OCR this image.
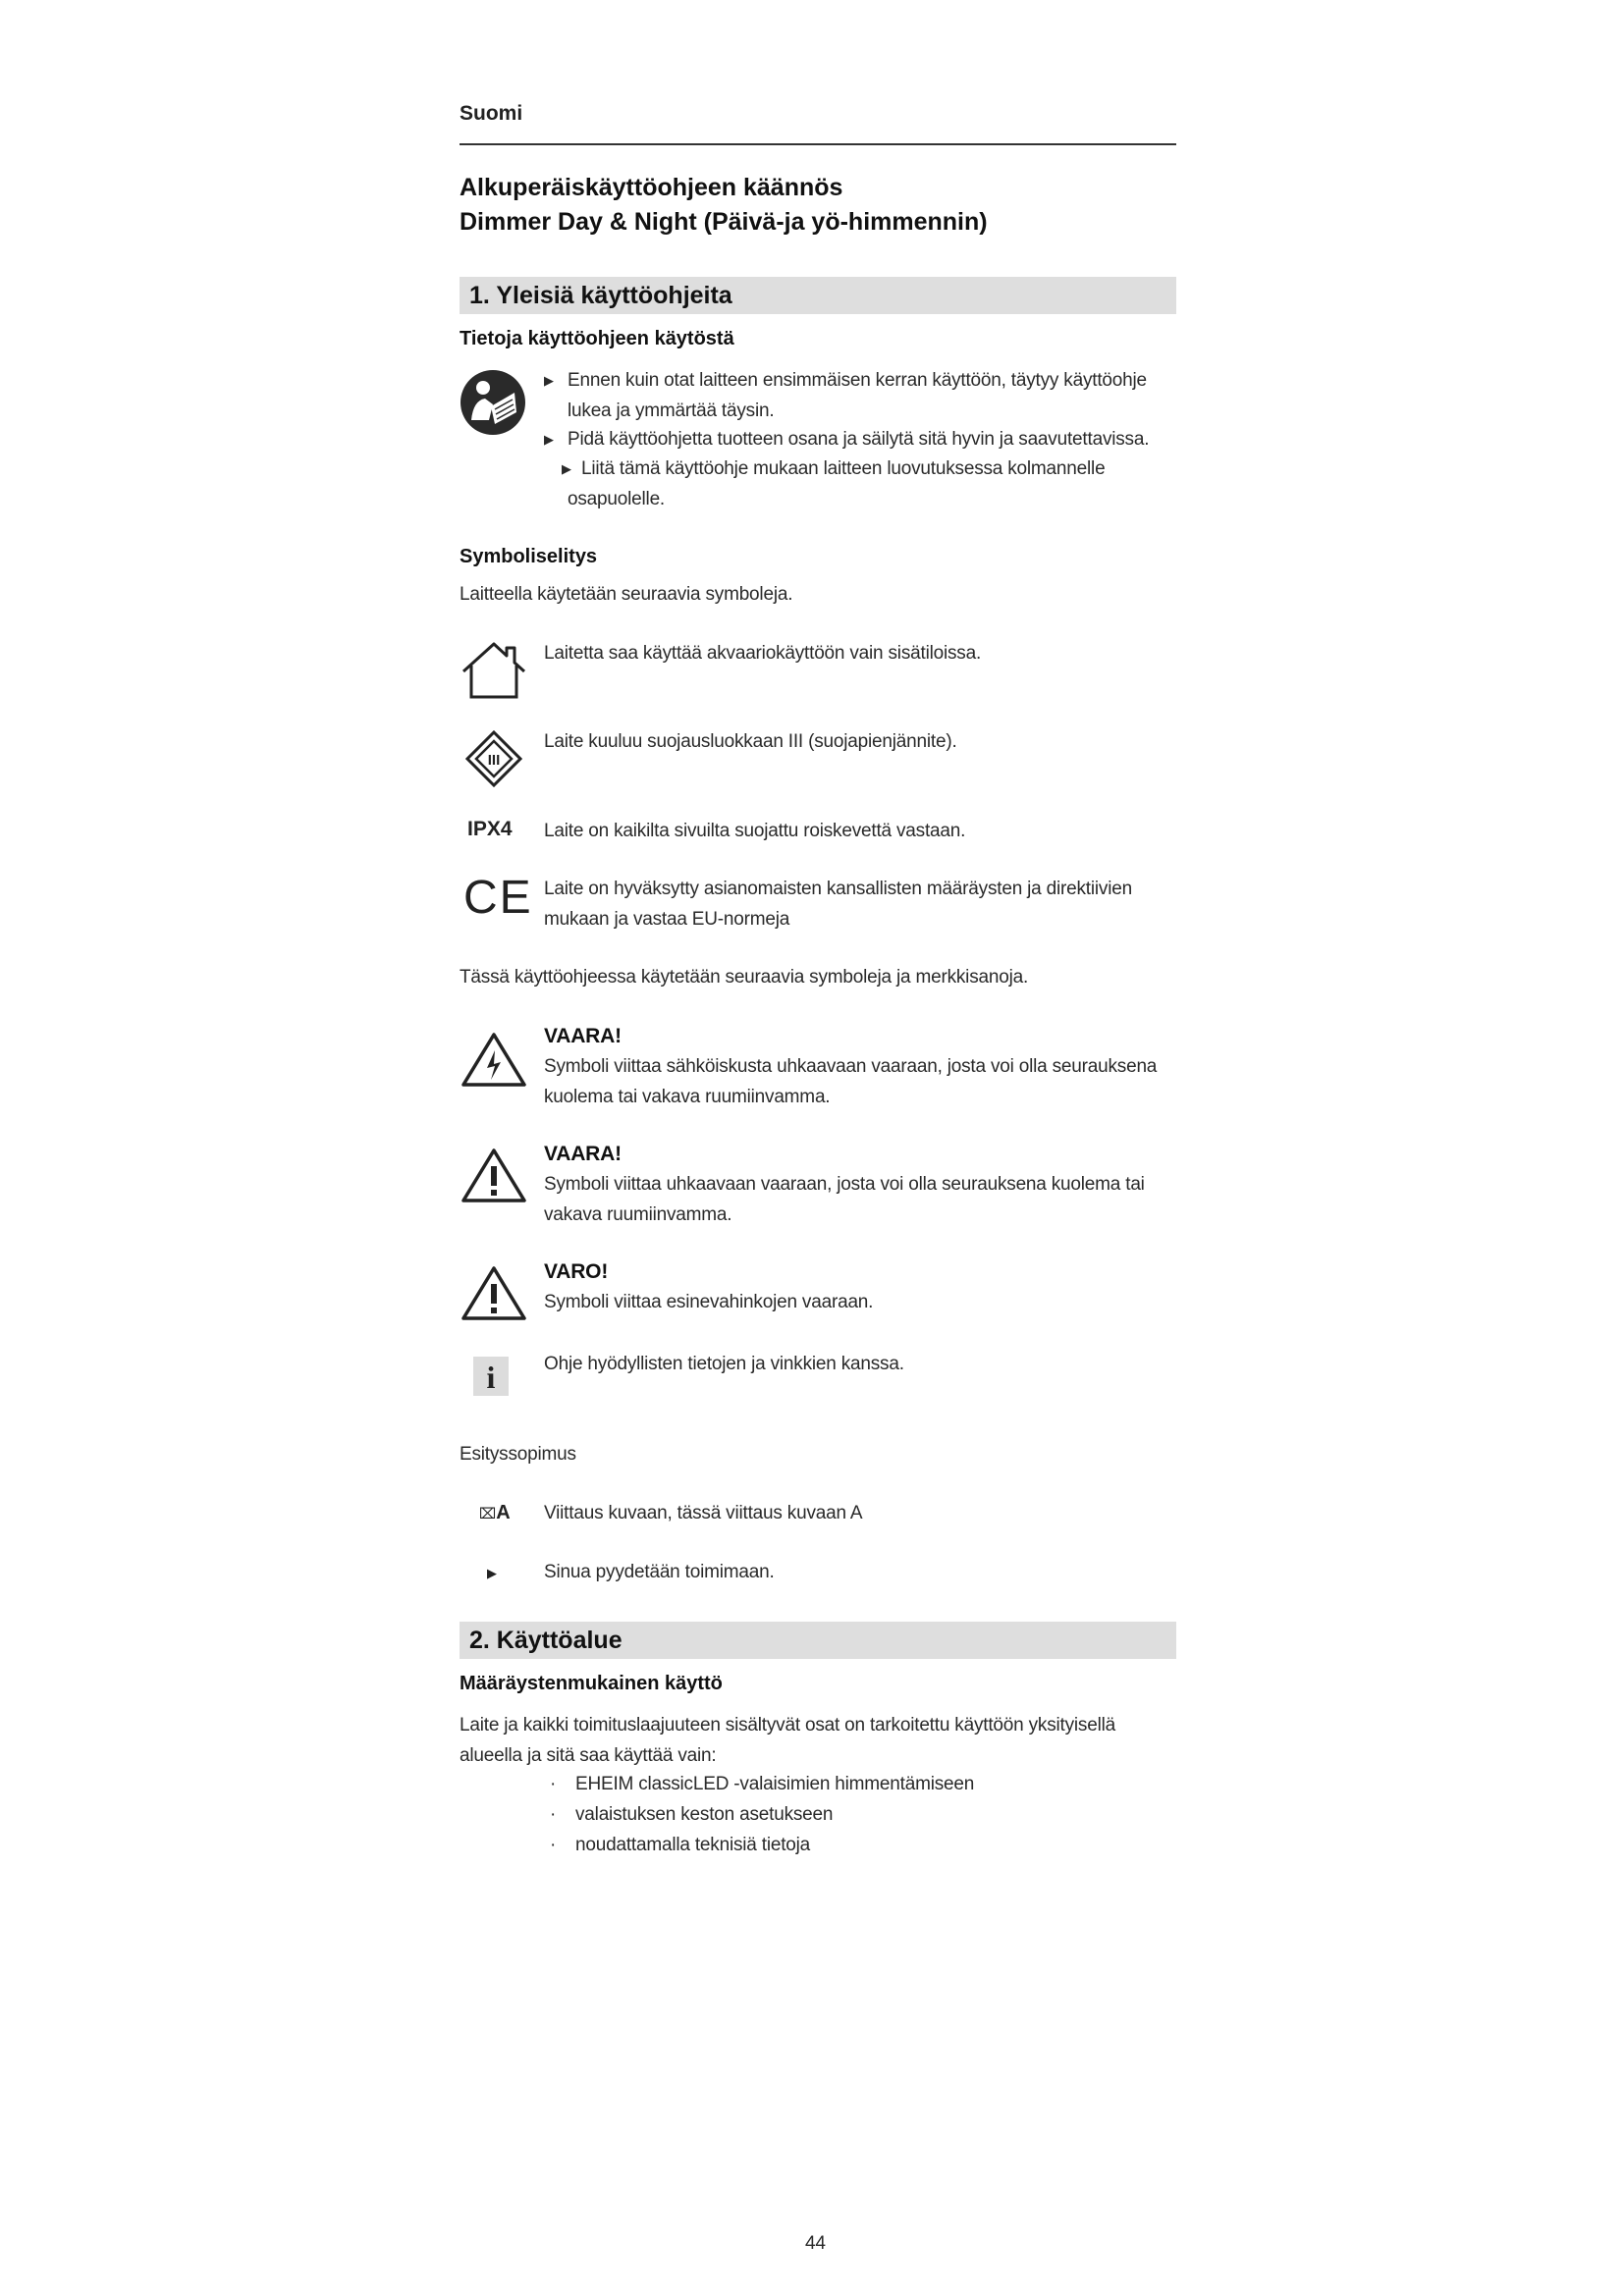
Suomi
Alkuperäiskäyttöohjeen käännös
Dimmer Day & Night (Päivä-ja yö-himmennin)
1. Yleisiä käyttöohjeita
Tietoja käyttöohjeen käytöstä
▶ Ennen kuin otat laitteen ensimmäisen kerran käyttöön, täytyy käyttöohje
lukea ja ymmärtää täysin.
▶ Pidä käyttöohjetta tuotteen osana ja säilytä sitä hyvin ja saavutettavissa.
▶ Liitä tämä käyttöohje mukaan laitteen luovutuksessa kolmannelle
osapuolelle.
Symboliselitys
Laitteella käytetään seuraavia symboleja.
Laitetta saa käyttää akvaariokäyttöön vain sisätiloissa.
III
Laite kuuluu suojausluokkaan III (suojapienjännite).
IPX4 Laite on kaikilta sivuilta suojattu roiskevettä vastaan.
CE Laite on hyväksytty asianomaisten kansallisten määräysten ja direktiivien
mukaan ja vastaa EU-normeja
Tässä käyttöohjeessa käytetään seuraavia symboleja ja merkkisanoja.
VAARA!
Symboli viittaa sähköiskusta uhkaavaan vaaraan, josta voi olla seurauksena
kuolema tai vakava ruumiinvamma.
VAARA!
Symboli viittaa uhkaavaan vaaraan, josta voi olla seurauksena kuolema tai
vakava ruumiinvamma.
VARO!
Symboli viittaa esinevahinkojen vaaraan.
i	Ohje hyödyllisten tietojen ja vinkkien kanssa.
Esityssopimus
⌧A Viittaus kuvaan, tässä viittaus kuvaan A
▶	Sinua pyydetään toimimaan.
2. Käyttöalue
Määräystenmukainen käyttö
Laite ja kaikki toimituslaajuuteen sisältyvät osat on tarkoitettu käyttöön yksityisellä
alueella ja sitä saa käyttää vain:
· EHEIM classicLED -valaisimien himmentämiseen
· valaistuksen keston asetukseen
· noudattamalla teknisiä tietoja
44
